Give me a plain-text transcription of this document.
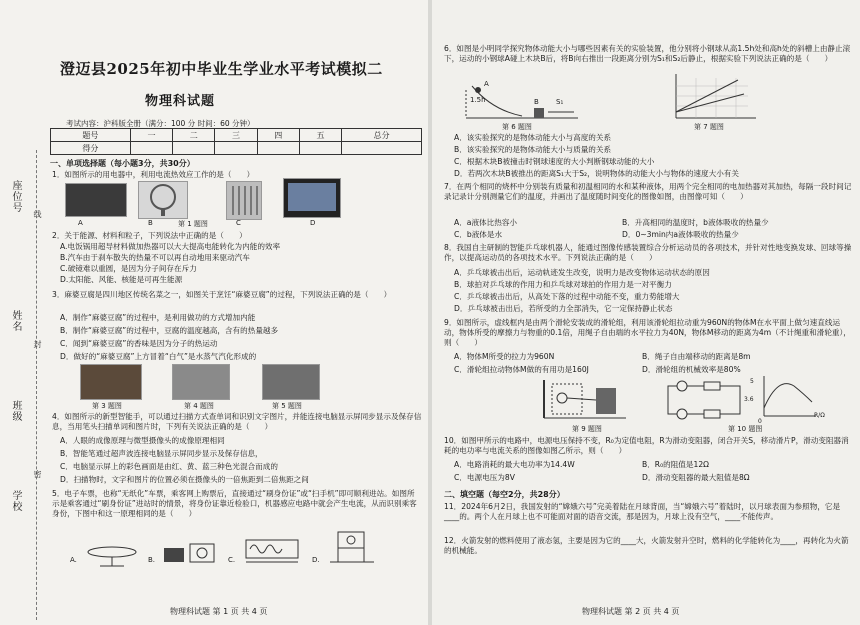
座位号
姓名
班级
学校
线
封
密
澄迈县2025年初中毕业生学业水平考试模拟二
物理科试题
考试内容：沪科版全册（满分：100 分 时间：60 分钟）
题号	一	二	三	四	五	总分
得分						
一、单项选择题（每小题3分，共30分）
1．如图所示的用电器中，利用电流热效应工作的是（　　）
A	B	第 1 题图	C	D
2．关于能源、材料和粒子，下列说法中正确的是（　　）
A.电饭锅用超导材料做加热器可以大大提高电能转化为内能的效率
B.汽车由于刹车散失的热量不可以再自动地用来驱动汽车
C.破镜难以重圆，是因为分子间存在斥力
D.太阳能、风能、核能是可再生能源
3．麻婆豆腐是四川地区传统名菜之一，如图关于烹饪“麻婆豆腐”的过程，下列说法正确的是（　　）
A．制作“麻婆豆腐”的过程中，是利用做功的方式增加内能
B．制作“麻婆豆腐”的过程中，豆腐的温度越高，含有的热量越多
C．闻到“麻婆豆腐”的香味是因为分子的热运动
D．做好的“麻婆豆腐”上方冒着“白气”是水蒸气汽化形成的
第 3 题图	第 4 题图	第 5 题图
4．如图所示的新型智能手，可以通过扫描方式查单词和识别文字图片，并能连接电脑显示屏同步显示及保存信息，当用笔头扫描单词和图片时，下列有关说法正确的是（　　）
A．人眼的成像原理与微型摄像头的成像原理相同
B．智能笔通过超声波连接电脑显示屏同步显示及保存信息，
C．电脑显示屏上的彩色画面是由红、黄、蓝三种色光混合而成的
D．扫描物时，文字和图片的位置必须在摄像头的一倍焦距到二倍焦距之间
5．电子车票，也称“无纸化”车票，乘客网上购票后，直接通过“刷身份证”或“扫手机”即可顺利进站。如图所示是乘客通过“刷身份证”进站时的情景，将身份证靠近检验口，机器感应电路中就会产生电流，从而识别乘客身份，下图中和这一原理相同的是（　　）
A.	B.	C.	D.
物理科试题 第 1 页 共 4 页
6．如图是小明同学探究物体动能大小与哪些因素有关的实验装置，他分别将小钢球从高1.5h处和高h处的斜槽上由静止滚下，运动的小钢球A碰上木块B后，将B向右推出一段距离分别为S₁和S₂后静止，根据实验下列说法正确的是（　　）
1.5h
A
B S₁
第 6 题图	第 7 题图
A．该实验探究的是物体动能大小与高度的关系
B．该实验探究的是物体动能大小与质量的关系
C．根据木块B被撞击时钢球速度的大小判断钢球动能的大小
D．若两次木块B被推出的距离S₁大于S₂，说明物体的动能大小与物体的速度大小有关
7．在两个相同的烧杯中分别装有质量和初温相同的水和某种液体，用两个完全相同的电加热器对其加热，每隔一段时间记录记录计分别测量它们的温度，并画出了温度随时间变化的图像如图，由图像可知（　　）
A．a液体比热容小	B．升高相同的温度时，b液体吸收的热量少
C．b液体是水	D．0~3min内a液体吸收的热量少
8．我国自主研制的智能乒乓球机器人，能通过图像传感装置综合分析运动员的各项技术，并针对性地变换发球、回球等操作，以提高运动员的各项技术水平。下列说法正确的是（　　）
A．乒乓球被击出后，运动轨迹发生改变，说明力是改变物体运动状态的原因
B．球拍对乒乓球的作用力和乒乓球对球拍的作用力是一对平衡力
C．乒乓球被击出后，从高处下落的过程中动能不变，重力势能增大
D．乒乓球被击出后，若所受的力全部消失，它一定保持静止状态
9．如图所示，虚线框内是由两个滑轮安装成的滑轮组，利用该滑轮组拉动重为960N的物体M在水平面上做匀速直线运动，物体所受的摩擦力与物重的0.1倍，用绳子自由端的水平拉力为40N，物体M移动的距离为4m（不计绳重和滑轮重），则（　　）
A．物体M所受的拉力为960N	B．绳子自由端移动的距离是8m
C．滑轮组拉动物体M做的有用功是160J	D．滑轮组的机械效率是80%
5
3.6
0
R/Ω
第 9 题图	第 10 题图
10．如图甲所示的电路中，电源电压保持不变，R₀为定值电阻，R为滑动变阻器，闭合开关S，移动滑片P，滑动变阻器消耗的电功率与电流关系的图像如图乙所示，则（　　）
A．电路消耗的最大电功率为14.4W	B．R₀的阻值是12Ω
C．电源电压为8V	D．滑动变阻器的最大阻值是8Ω
二、填空题（每空2分，共28分）
11．2024年6月2日，我国发射的“嫦娥六号”完美着陆在月球背面，当“嫦娥六号”着陆时，以月球表面为参照物，它是____的。两个人在月球上也不可能面对面的语音交流，那是因为，月球上没有空气，____不能传声。
12．火箭发射的燃料使用了液态氢，主要是因为它的____大，火箭发射升空时，燃料的化学能转化为____，再转化为火箭的机械能。
物理科试题 第 2 页 共 4 页
